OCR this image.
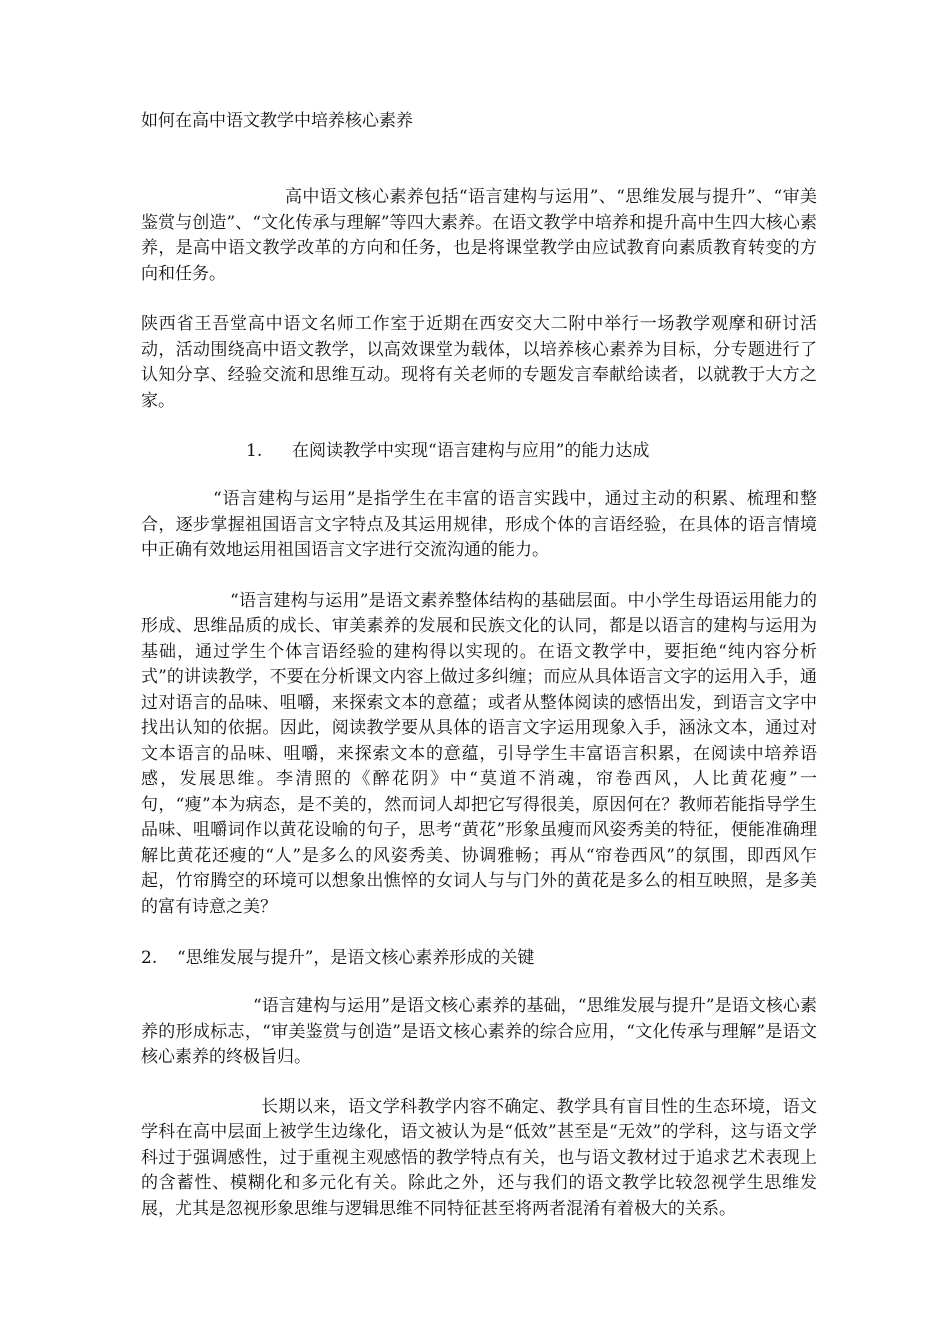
如何在高中语文教学中培养核心素养

高中语文核心素养包括“语言建构与运用”、“思维发展与提升”、“审美鉴赏与创造”、“文化传承与理解”等四大素养。在语文教学中培养和提升高中生四大核心素养，是高中语文教学改革的方向和任务，也是将课堂教学由应试教育向素质教育转变的方向和任务。

陕西省王吾堂高中语文名师工作室于近期在西安交大二附中举行一场教学观摩和研讨活动，活动围绕高中语文教学，以高效课堂为载体，以培养核心素养为目标，分专题进行了认知分享、经验交流和思维互动。现将有关老师的专题发言奉献给读者，以就教于大方之家。

1. 在阅读教学中实现“语言建构与应用”的能力达成

“语言建构与运用”是指学生在丰富的语言实践中，通过主动的积累、梳理和整合，逐步掌握祖国语言文字特点及其运用规律，形成个体的言语经验，在具体的语言情境中正确有效地运用祖国语言文字进行交流沟通的能力。

“语言建构与运用”是语文素养整体结构的基础层面。中小学生母语运用能力的形成、思维品质的成长、审美素养的发展和民族文化的认同，都是以语言的建构与运用为基础，通过学生个体言语经验的建构得以实现的。在语文教学中，要拒绝“纯内容分析式”的讲读教学，不要在分析课文内容上做过多纠缠；而应从具体语言文字的运用入手，通过对语言的品味、咀嚼，来探索文本的意蕴；或者从整体阅读的感悟出发，到语言文字中找出认知的依据。因此，阅读教学要从具体的语言文字运用现象入手，涵泳文本，通过对文本语言的品味、咀嚼，来探索文本的意蕴，引导学生丰富语言积累，在阅读中培养语感，发展思维。李清照的《醉花阴》中“莫道不消魂，帘卷西风，人比黄花瘦”一句，“瘦”本为病态，是不美的，然而词人却把它写得很美，原因何在？教师若能指导学生品味、咀嚼词作以黄花设喻的句子，思考“黄花”形象虽瘦而风姿秀美的特征，便能准确理解比黄花还瘦的“人”是多么的风姿秀美、协调雅畅；再从“帘卷西风”的氛围，即西风乍起，竹帘腾空的环境可以想象出憔悴的女词人与与门外的黄花是多么的相互映照，是多美的富有诗意之美？

2. “思维发展与提升”，是语文核心素养形成的关键

“语言建构与运用”是语文核心素养的基础，“思维发展与提升”是语文核心素养的形成标志，“审美鉴赏与创造”是语文核心素养的综合应用，“文化传承与理解”是语文核心素养的终极旨归。

长期以来，语文学科教学内容不确定、教学具有盲目性的生态环境，语文学科在高中层面上被学生边缘化，语文被认为是“低效”甚至是“无效”的学科，这与语文学科过于强调感性，过于重视主观感悟的教学特点有关，也与语文教材过于追求艺术表现上的含蓄性、模糊化和多元化有关。除此之外，还与我们的语文教学比较忽视学生思维发展，尤其是忽视形象思维与逻辑思维不同特征甚至将两者混淆有着极大的关系。
